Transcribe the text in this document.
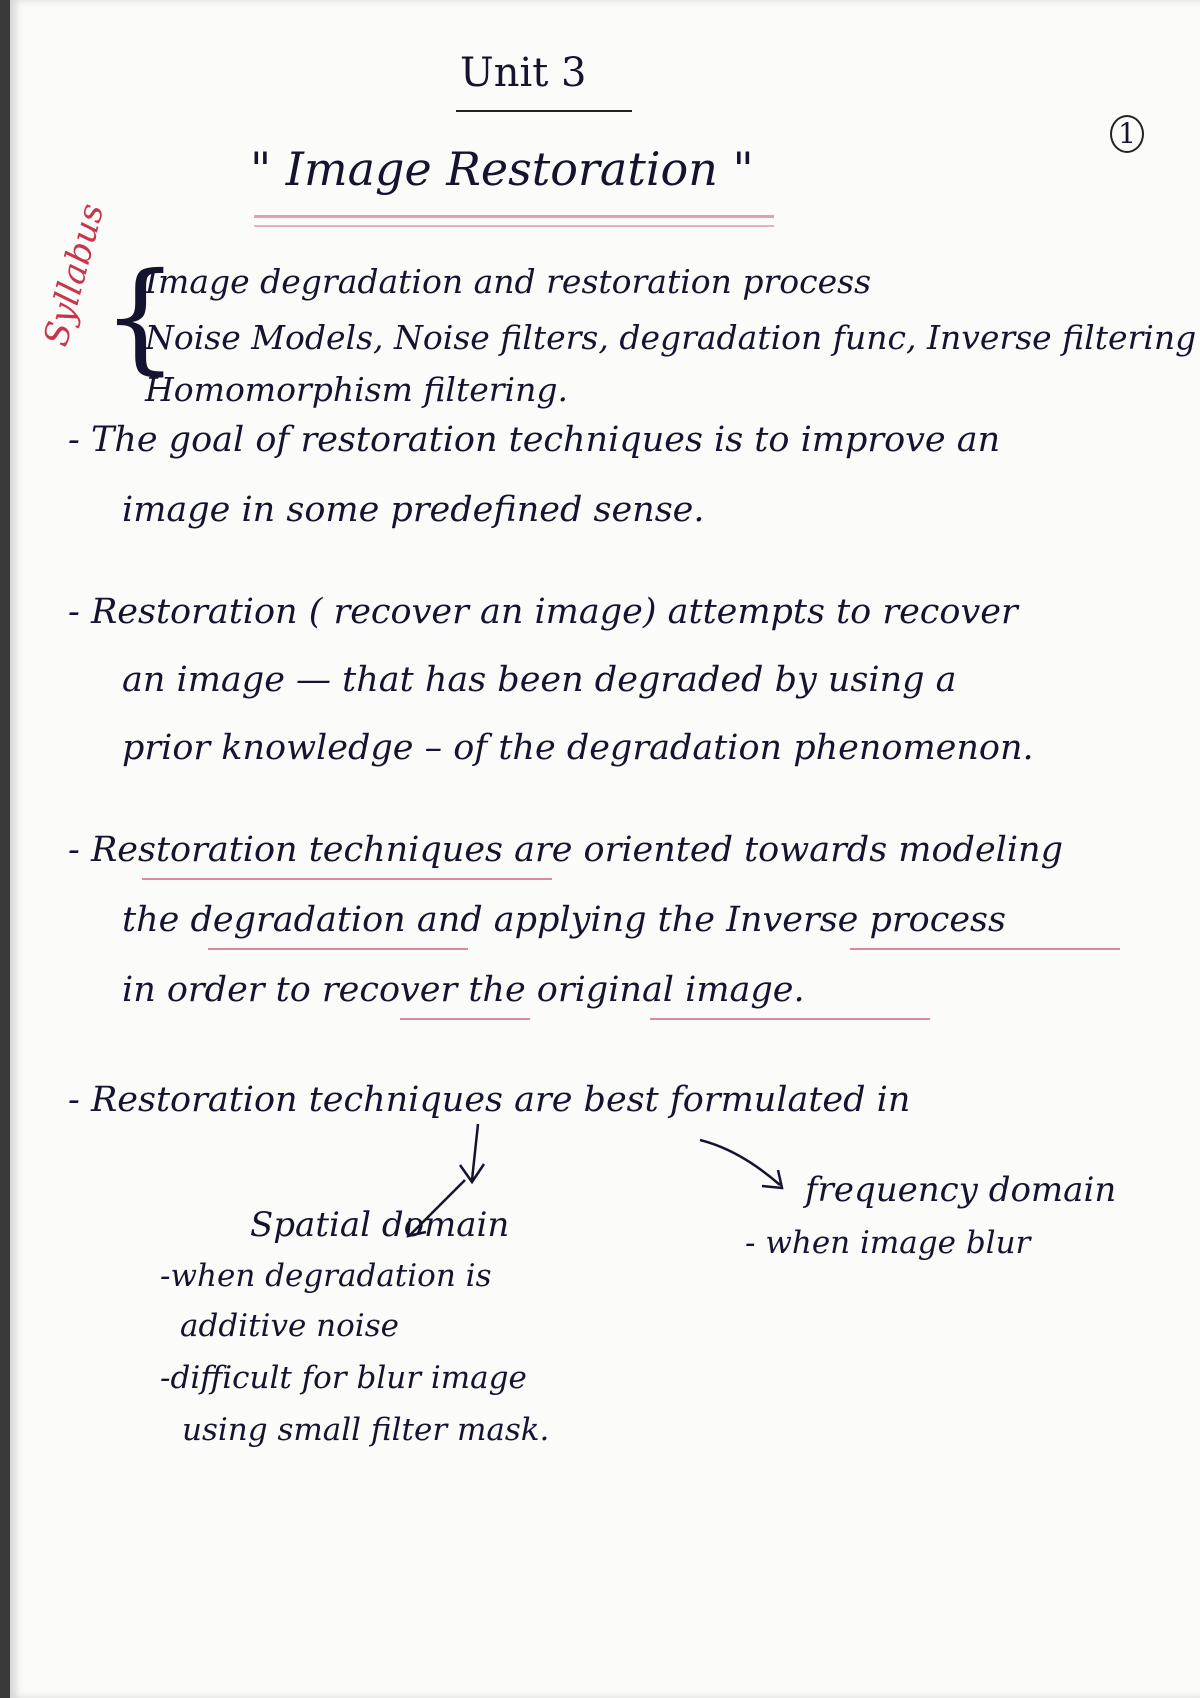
Unit 3
1
" Image Restoration "
Syllabus
{
Image degradation and restoration process
Noise Models, Noise filters, degradation func, Inverse filtering
Homomorphism filtering.
- The goal of restoration techniques is to improve an
image in some predefined sense.
- Restoration ( recover an image) attempts to recover
an image — that has been degraded by using a
prior knowledge – of the degradation phenomenon.
- Restoration techniques are oriented towards modeling
the degradation and applying the Inverse process
in order to recover the original image.
- Restoration techniques are best formulated in
Spatial domain
-when degradation is
additive noise
-difficult for blur image
using small filter mask.
frequency domain
- when image blur
